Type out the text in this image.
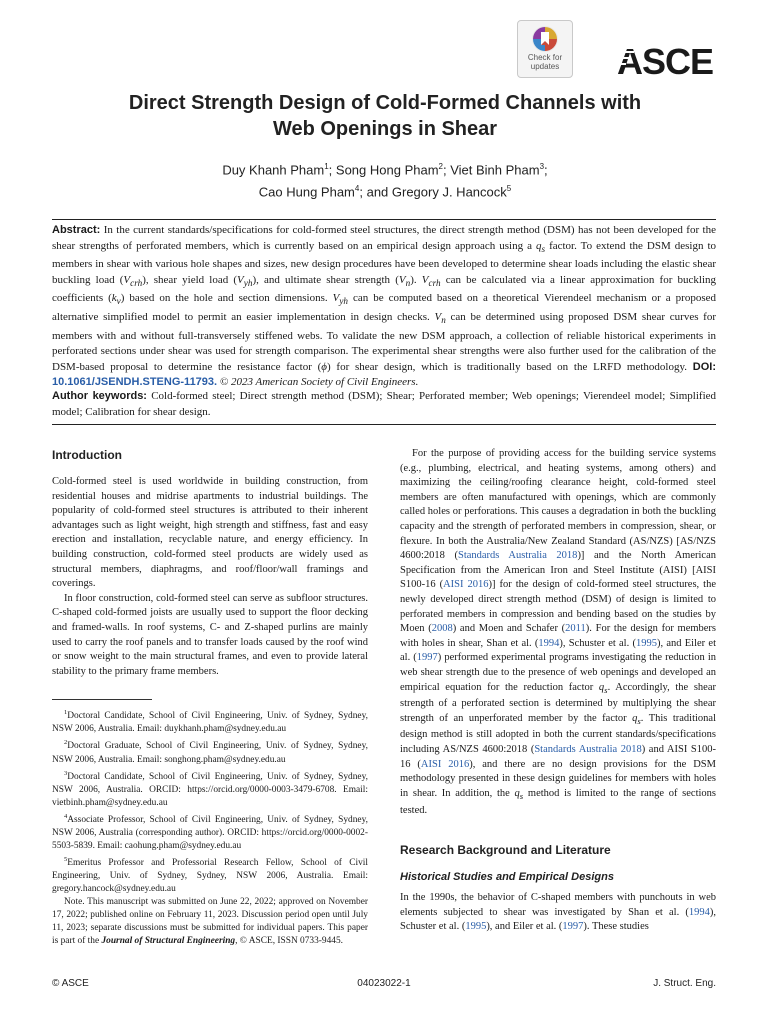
Check for
updates	ASCE
Direct Strength Design of Cold-Formed Channels with
Web Openings in Shear
Duy Khanh Pham$^1$; Song Hong Pham$^2$; Viet Binh Pham$^3$;
Cao Hung Pham$^4$; and Gregory J. Hancock$^5$
Abstract: In the current standards/specifications for cold-formed steel structures, the direct strength method (DSM) has not been developed for the shear strengths of perforated members, which is currently based on an empirical design approach using a $q_s$ factor. To extend the DSM design to members in shear with various hole shapes and sizes, new design procedures have been developed to determine shear loads including the elastic shear buckling load $(V_{crh})$, shear yield load $(V_{yh})$, and ultimate shear strength $(V_n)$. $V_{crh}$ can be calculated via a linear approximation for buckling coefficients $(k_v)$ based on the hole and section dimensions. $V_{yh}$ can be computed based on a theoretical Vierendeel mechanism or a proposed alternative simplified model to permit an easier implementation in design checks. $V_n$ can be determined using proposed DSM shear curves for members with and without full-transversely stiffened webs. To validate the new DSM approach, a collection of reliable historical experiments in perforated sections under shear was used for strength comparison. The experimental shear strengths were also further used for the calibration of the DSM-based proposal to determine the resistance factor (ϕ) for shear design, which is traditionally based on the LRFD methodology. DOI: 10.1061/JSENDH.STENG-11793. © 2023 American Society of Civil Engineers.
Author keywords: Cold-formed steel; Direct strength method (DSM); Shear; Perforated member; Web openings; Vierendeel model; Simplified model; Calibration for shear design.
Introduction

Cold-formed steel is used worldwide in building construction, from residential houses and midrise apartments to industrial buildings. The popularity of cold-formed steel structures is attributed to their inherent advantages such as light weight, high strength and stiffness, fast and easy erection and installation, recyclable nature, and energy efficiency. In building construction, cold-formed steel products are widely used as structural members, diaphragms, and roof/floor/wall framings and coverings.

In floor construction, cold-formed steel can serve as subfloor structures. C-shaped cold-formed joists are usually used to support the floor decking and framed-walls. In roof systems, C- and Z-shaped purlins are mainly used to carry the roof panels and to transfer loads caused by the roof wind or snow weight to the main structural frames, and even to provide lateral stability to the primary frame members.

$^1$Doctoral Candidate, School of Civil Engineering, Univ. of Sydney, Sydney, NSW 2006, Australia. Email: duykhanh.pham@sydney.edu.au

$^2$Doctoral Graduate, School of Civil Engineering, Univ. of Sydney, Sydney, NSW 2006, Australia. Email: songhong.pham@sydney.edu.au

$^3$Doctoral Candidate, School of Civil Engineering, Univ. of Sydney, Sydney, NSW 2006, Australia. ORCID: https://orcid.org/0000-0003-3479-6708. Email: vietbinh.pham@sydney.edu.au

$^4$Associate Professor, School of Civil Engineering, Univ. of Sydney, Sydney, NSW 2006, Australia (corresponding author). ORCID: https://orcid.org/0000-0002-5503-5839. Email: caohung.pham@sydney.edu.au

$^5$Emeritus Professor and Professorial Research Fellow, School of Civil Engineering, Univ. of Sydney, Sydney, NSW 2006, Australia. Email: gregory.hancock@sydney.edu.au

Note. This manuscript was submitted on June 22, 2022; approved on November 17, 2022; published online on February 11, 2023. Discussion period open until July 11, 2023; separate discussions must be submitted for individual papers. This paper is part of the Journal of Structural Engineering, © ASCE, ISSN 0733-9445.

For the purpose of providing access for the building service systems (e.g., plumbing, electrical, and heating systems, among others) and maximizing the ceiling/roofing clearance height, cold-formed steel members are often manufactured with openings, which are commonly called holes or perforations. This causes a degradation in both the buckling capacity and the strength of perforated members in compression, shear, or flexure. In both the Australia/New Zealand Standard (AS/NZS) [AS/NZS 4600:2018 (Standards Australia 2018)] and the North American Specification from the American Iron and Steel Institute (AISI) [AISI S100-16 (AISI 2016)] for the design of cold-formed steel structures, the newly developed direct strength method (DSM) of design is limited to perforated members in compression and bending based on the studies by Moen (2008) and Moen and Schafer (2011). For the design for members with holes in shear, Shan et al. (1994), Schuster et al. (1995), and Eiler et al. (1997) performed experimental programs investigating the reduction in web shear strength due to the presence of web openings and developed an empirical equation for the reduction factor $q_s$. Accordingly, the shear strength of a perforated section is determined by multiplying the shear strength of an unperforated member by the factor $q_s$. This traditional design method is still adopted in both the current standards/specifications including AS/NZS 4600:2018 (Standards Australia 2018) and AISI S100-16 (AISI 2016), and there are no design provisions for the DSM methodology presented in these design guidelines for members with holes in shear. In addition, the $q_s$ method is limited to the range of sections tested.

Research Background and Literature
Historical Studies and Empirical Designs

In the 1990s, the behavior of C-shaped members with punchouts in web elements subjected to shear was investigated by Shan et al. (1994), Schuster et al. (1995), and Eiler et al. (1997). These studies

© ASCE	04023022-1	J. Struct. Eng.
